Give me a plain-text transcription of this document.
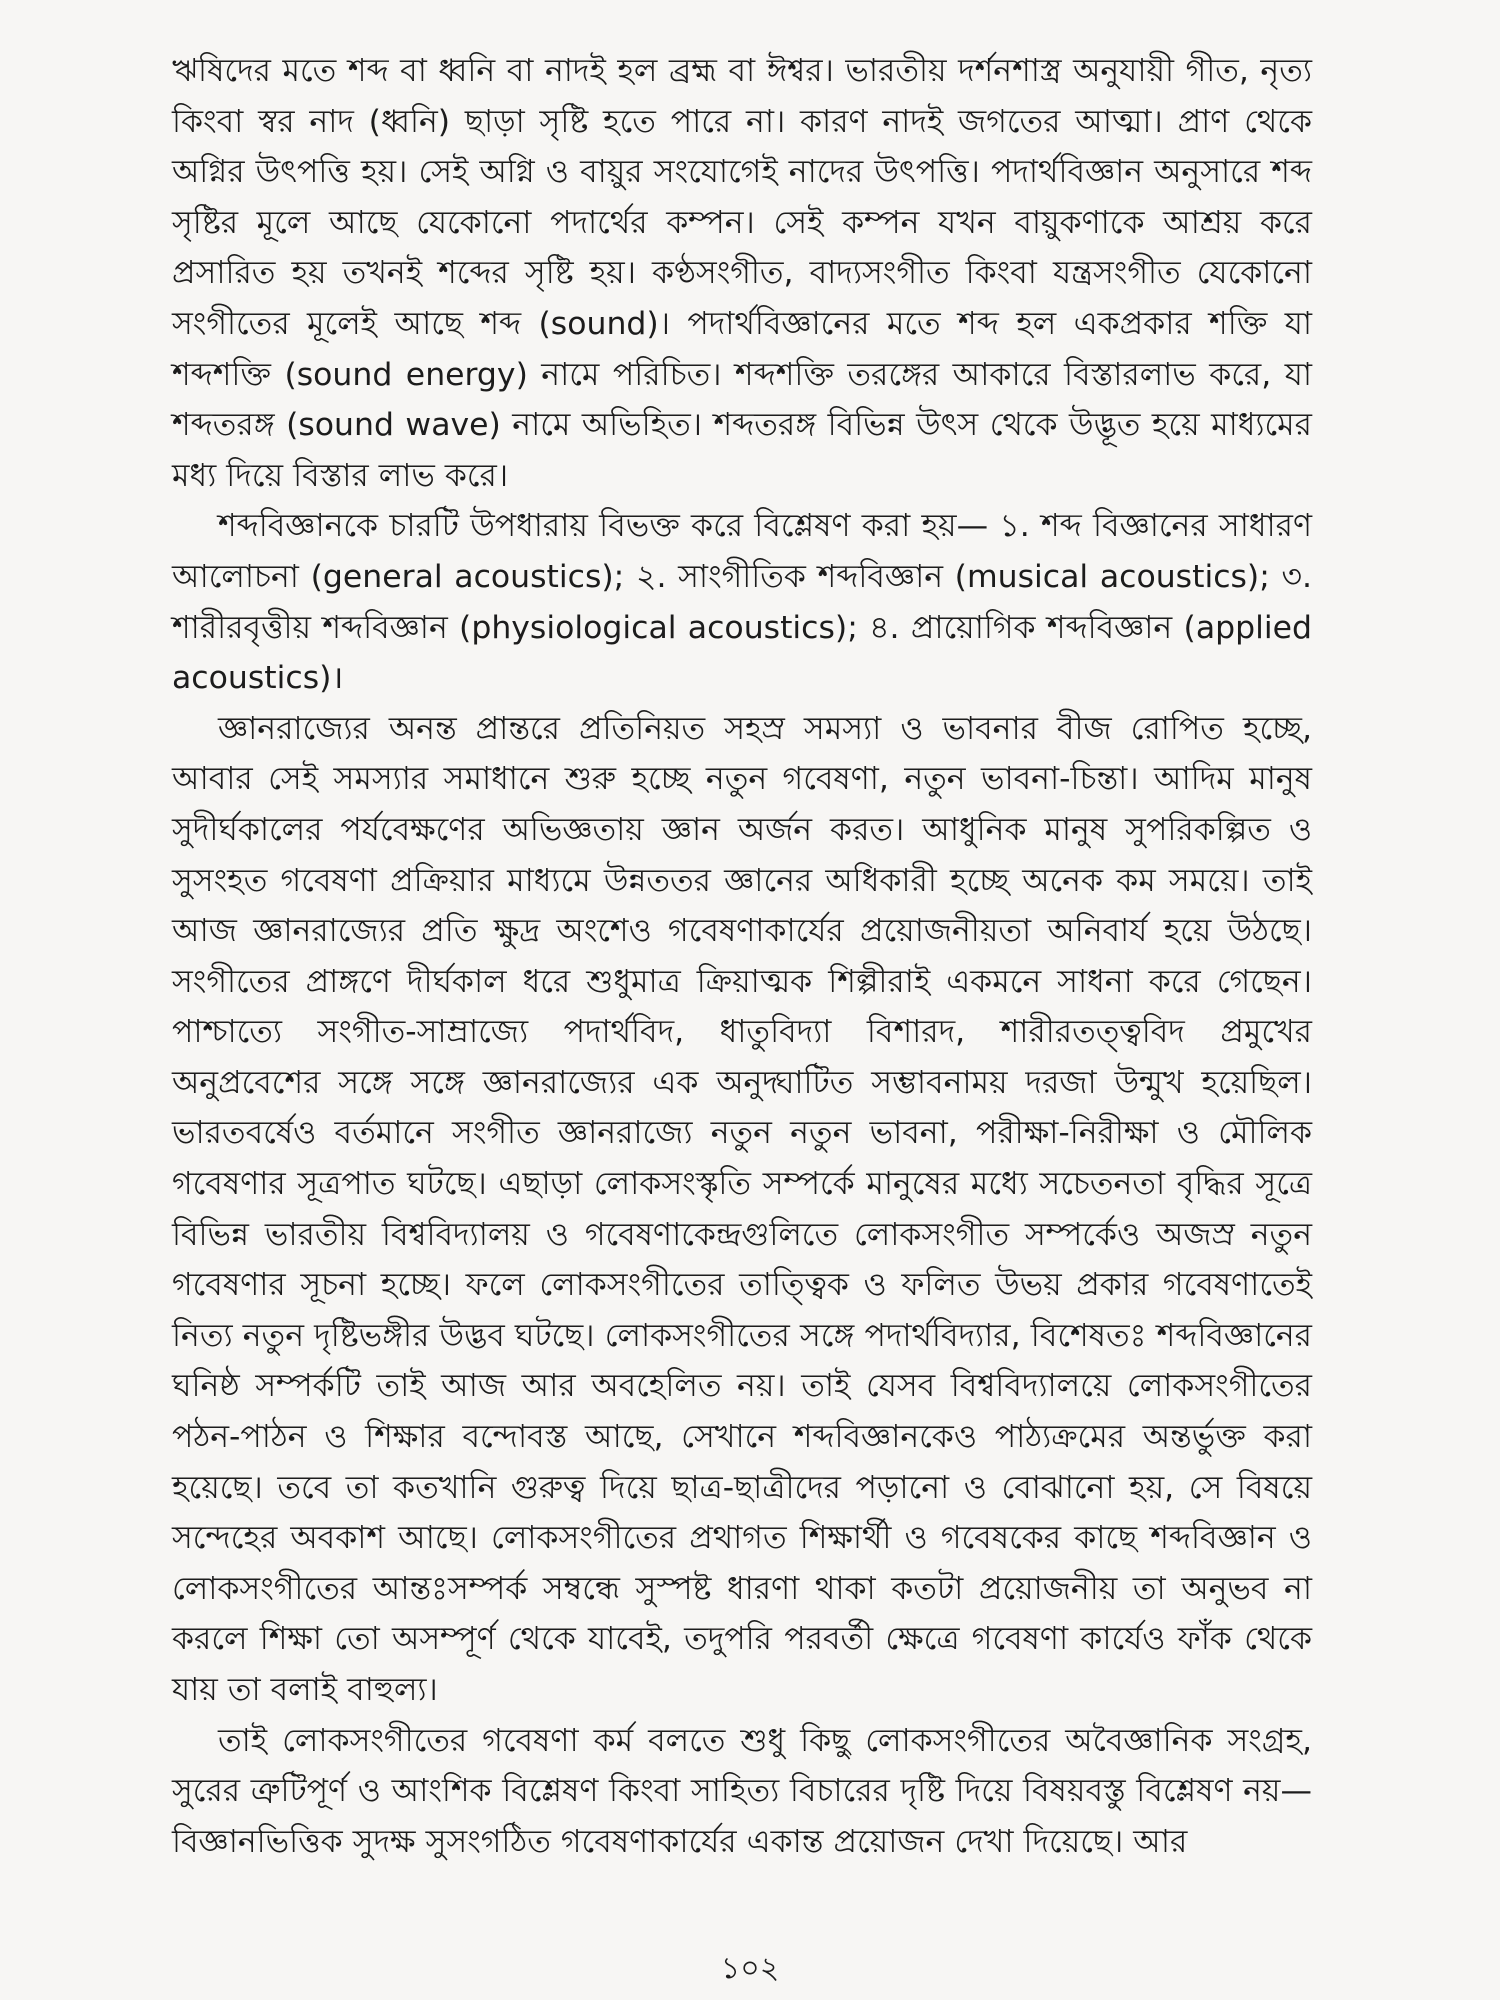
ঋষিদের মতে শব্দ বা ধ্বনি বা নাদই হল ব্রহ্ম বা ঈশ্বর। ভারতীয় দর্শনশাস্ত্র অনুযায়ী গীত, নৃত্য কিংবা স্বর নাদ (ধ্বনি) ছাড়া সৃষ্টি হতে পারে না। কারণ নাদই জগতের আত্মা। প্রাণ থেকে অগ্নির উৎপত্তি হয়। সেই অগ্নি ও বায়ুর সংযোগেই নাদের উৎপত্তি। পদার্থবিজ্ঞান অনুসারে শব্দ সৃষ্টির মূলে আছে যেকোনো পদার্থের কম্পন। সেই কম্পন যখন বায়ুকণাকে আশ্রয় করে প্রসারিত হয় তখনই শব্দের সৃষ্টি হয়। কণ্ঠসংগীত, বাদ্যসংগীত কিংবা যন্ত্রসংগীত যেকোনো সংগীতের মূলেই আছে শব্দ (sound)। পদার্থবিজ্ঞানের মতে শব্দ হল একপ্রকার শক্তি যা শব্দশক্তি (sound energy) নামে পরিচিত। শব্দশক্তি তরঙ্গের আকারে বিস্তারলাভ করে, যা শব্দতরঙ্গ (sound wave) নামে অভিহিত। শব্দতরঙ্গ বিভিন্ন উৎস থেকে উদ্ভূত হয়ে মাধ্যমের মধ্য দিয়ে বিস্তার লাভ করে।

শব্দবিজ্ঞানকে চারটি উপধারায় বিভক্ত করে বিশ্লেষণ করা হয়— ১. শব্দ বিজ্ঞানের সাধারণ আলোচনা (general acoustics); ২. সাংগীতিক শব্দবিজ্ঞান (musical acoustics); ৩. শারীরবৃত্তীয় শব্দবিজ্ঞান (physiological acoustics); ৪. প্রায়োগিক শব্দবিজ্ঞান (applied acoustics)।

জ্ঞানরাজ্যের অনন্ত প্রান্তরে প্রতিনিয়ত সহস্র সমস্যা ও ভাবনার বীজ রোপিত হচ্ছে, আবার সেই সমস্যার সমাধানে শুরু হচ্ছে নতুন গবেষণা, নতুন ভাবনা-চিন্তা। আদিম মানুষ সুদীর্ঘকালের পর্যবেক্ষণের অভিজ্ঞতায় জ্ঞান অর্জন করত। আধুনিক মানুষ সুপরিকল্পিত ও সুসংহত গবেষণা প্রক্রিয়ার মাধ্যমে উন্নততর জ্ঞানের অধিকারী হচ্ছে অনেক কম সময়ে। তাই আজ জ্ঞানরাজ্যের প্রতি ক্ষুদ্র অংশেও গবেষণাকার্যের প্রয়োজনীয়তা অনিবার্য হয়ে উঠছে। সংগীতের প্রাঙ্গণে দীর্ঘকাল ধরে শুধুমাত্র ক্রিয়াত্মক শিল্পীরাই একমনে সাধনা করে গেছেন। পাশ্চাত্যে সংগীত-সাম্রাজ্যে পদার্থবিদ, ধাতুবিদ্যা বিশারদ, শারীরতত্ত্ববিদ প্রমুখের অনুপ্রবেশের সঙ্গে সঙ্গে জ্ঞানরাজ্যের এক অনুদ্ঘাটিত সম্ভাবনাময় দরজা উন্মুখ হয়েছিল। ভারতবর্ষেও বর্তমানে সংগীত জ্ঞানরাজ্যে নতুন নতুন ভাবনা, পরীক্ষা-নিরীক্ষা ও মৌলিক গবেষণার সূত্রপাত ঘটছে। এছাড়া লোকসংস্কৃতি সম্পর্কে মানুষের মধ্যে সচেতনতা বৃদ্ধির সূত্রে বিভিন্ন ভারতীয় বিশ্ববিদ্যালয় ও গবেষণাকেন্দ্রগুলিতে লোকসংগীত সম্পর্কেও অজস্র নতুন গবেষণার সূচনা হচ্ছে। ফলে লোকসংগীতের তাত্ত্বিক ও ফলিত উভয় প্রকার গবেষণাতেই নিত্য নতুন দৃষ্টিভঙ্গীর উদ্ভব ঘটছে। লোকসংগীতের সঙ্গে পদার্থবিদ্যার, বিশেষতঃ শব্দবিজ্ঞানের ঘনিষ্ঠ সম্পর্কটি তাই আজ আর অবহেলিত নয়। তাই যেসব বিশ্ববিদ্যালয়ে লোকসংগীতের পঠন-পাঠন ও শিক্ষার বন্দোবস্ত আছে, সেখানে শব্দবিজ্ঞানকেও পাঠ্যক্রমের অন্তর্ভুক্ত করা হয়েছে। তবে তা কতখানি গুরুত্ব দিয়ে ছাত্র-ছাত্রীদের পড়ানো ও বোঝানো হয়, সে বিষয়ে সন্দেহের অবকাশ আছে। লোকসংগীতের প্রথাগত শিক্ষার্থী ও গবেষকের কাছে শব্দবিজ্ঞান ও লোকসংগীতের আন্তঃসম্পর্ক সম্বন্ধে সুস্পষ্ট ধারণা থাকা কতটা প্রয়োজনীয় তা অনুভব না করলে শিক্ষা তো অসম্পূর্ণ থেকে যাবেই, তদুপরি পরবর্তী ক্ষেত্রে গবেষণা কার্যেও ফাঁক থেকে যায় তা বলাই বাহুল্য।

তাই লোকসংগীতের গবেষণা কর্ম বলতে শুধু কিছু লোকসংগীতের অবৈজ্ঞানিক সংগ্রহ, সুরের ত্রুটিপূর্ণ ও আংশিক বিশ্লেষণ কিংবা সাহিত্য বিচারের দৃষ্টি দিয়ে বিষয়বস্তু বিশ্লেষণ নয়—বিজ্ঞানভিত্তিক সুদক্ষ সুসংগঠিত গবেষণাকার্যের একান্ত প্রয়োজন দেখা দিয়েছে। আর

১০২
